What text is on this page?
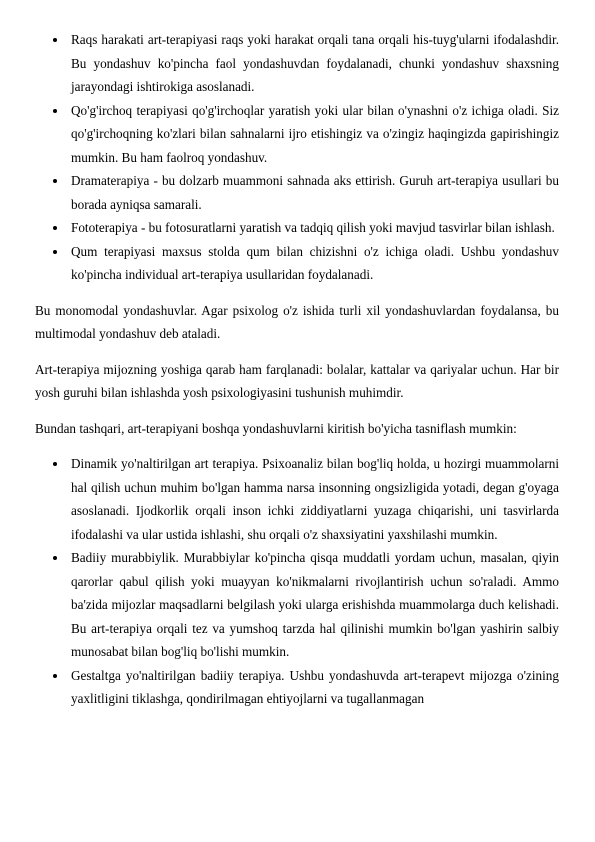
Raqs harakati art-terapiyasi raqs yoki harakat orqali tana orqali his-tuyg'ularni ifodalashdir. Bu yondashuv ko'pincha faol yondashuvdan foydalanadi, chunki yondashuv shaxsning jarayondagi ishtirokiga asoslanadi.
Qo'g'irchoq terapiyasi qo'g'irchoqlar yaratish yoki ular bilan o'ynashni o'z ichiga oladi. Siz qo'g'irchoqning ko'zlari bilan sahnalarni ijro etishingiz va o'zingiz haqingizda gapirishingiz mumkin. Bu ham faolroq yondashuv.
Dramaterapiya - bu dolzarb muammoni sahnada aks ettirish. Guruh art-terapiya usullari bu borada ayniqsa samarali.
Fototerapiya - bu fotosuratlarni yaratish va tadqiq qilish yoki mavjud tasvirlar bilan ishlash.
Qum terapiyasi maxsus stolda qum bilan chizishni o'z ichiga oladi. Ushbu yondashuv ko'pincha individual art-terapiya usullaridan foydalanadi.

Bu monomodal yondashuvlar. Agar psixolog o'z ishida turli xil yondashuvlardan foydalansa, bu multimodal yondashuv deb ataladi.

Art-terapiya mijozning yoshiga qarab ham farqlanadi: bolalar, kattalar va qariyalar uchun. Har bir yosh guruhi bilan ishlashda yosh psixologiyasini tushunish muhimdir.

Bundan tashqari, art-terapiyani boshqa yondashuvlarni kiritish bo'yicha tasniflash mumkin:

Dinamik yo'naltirilgan art terapiya. Psixoanaliz bilan bog'liq holda, u hozirgi muammolarni hal qilish uchun muhim bo'lgan hamma narsa insonning ongsizligida yotadi, degan g'oyaga asoslanadi. Ijodkorlik orqali inson ichki ziddiyatlarni yuzaga chiqarishi, uni tasvirlarda ifodalashi va ular ustida ishlashi, shu orqali o'z shaxsiyatini yaxshilashi mumkin.
Badiiy murabbiylik. Murabbiylar ko'pincha qisqa muddatli yordam uchun, masalan, qiyin qarorlar qabul qilish yoki muayyan ko'nikmalarni rivojlantirish uchun so'raladi. Ammo ba'zida mijozlar maqsadlarni belgilash yoki ularga erishishda muammolarga duch kelishadi. Bu art-terapiya orqali tez va yumshoq tarzda hal qilinishi mumkin bo'lgan yashirin salbiy munosabat bilan bog'liq bo'lishi mumkin.
Gestaltga yo'naltirilgan badiiy terapiya. Ushbu yondashuvda art-terapevt mijozga o'zining yaxlitligini tiklashga, qondirilmagan ehtiyojlarni va tugallanmagan
